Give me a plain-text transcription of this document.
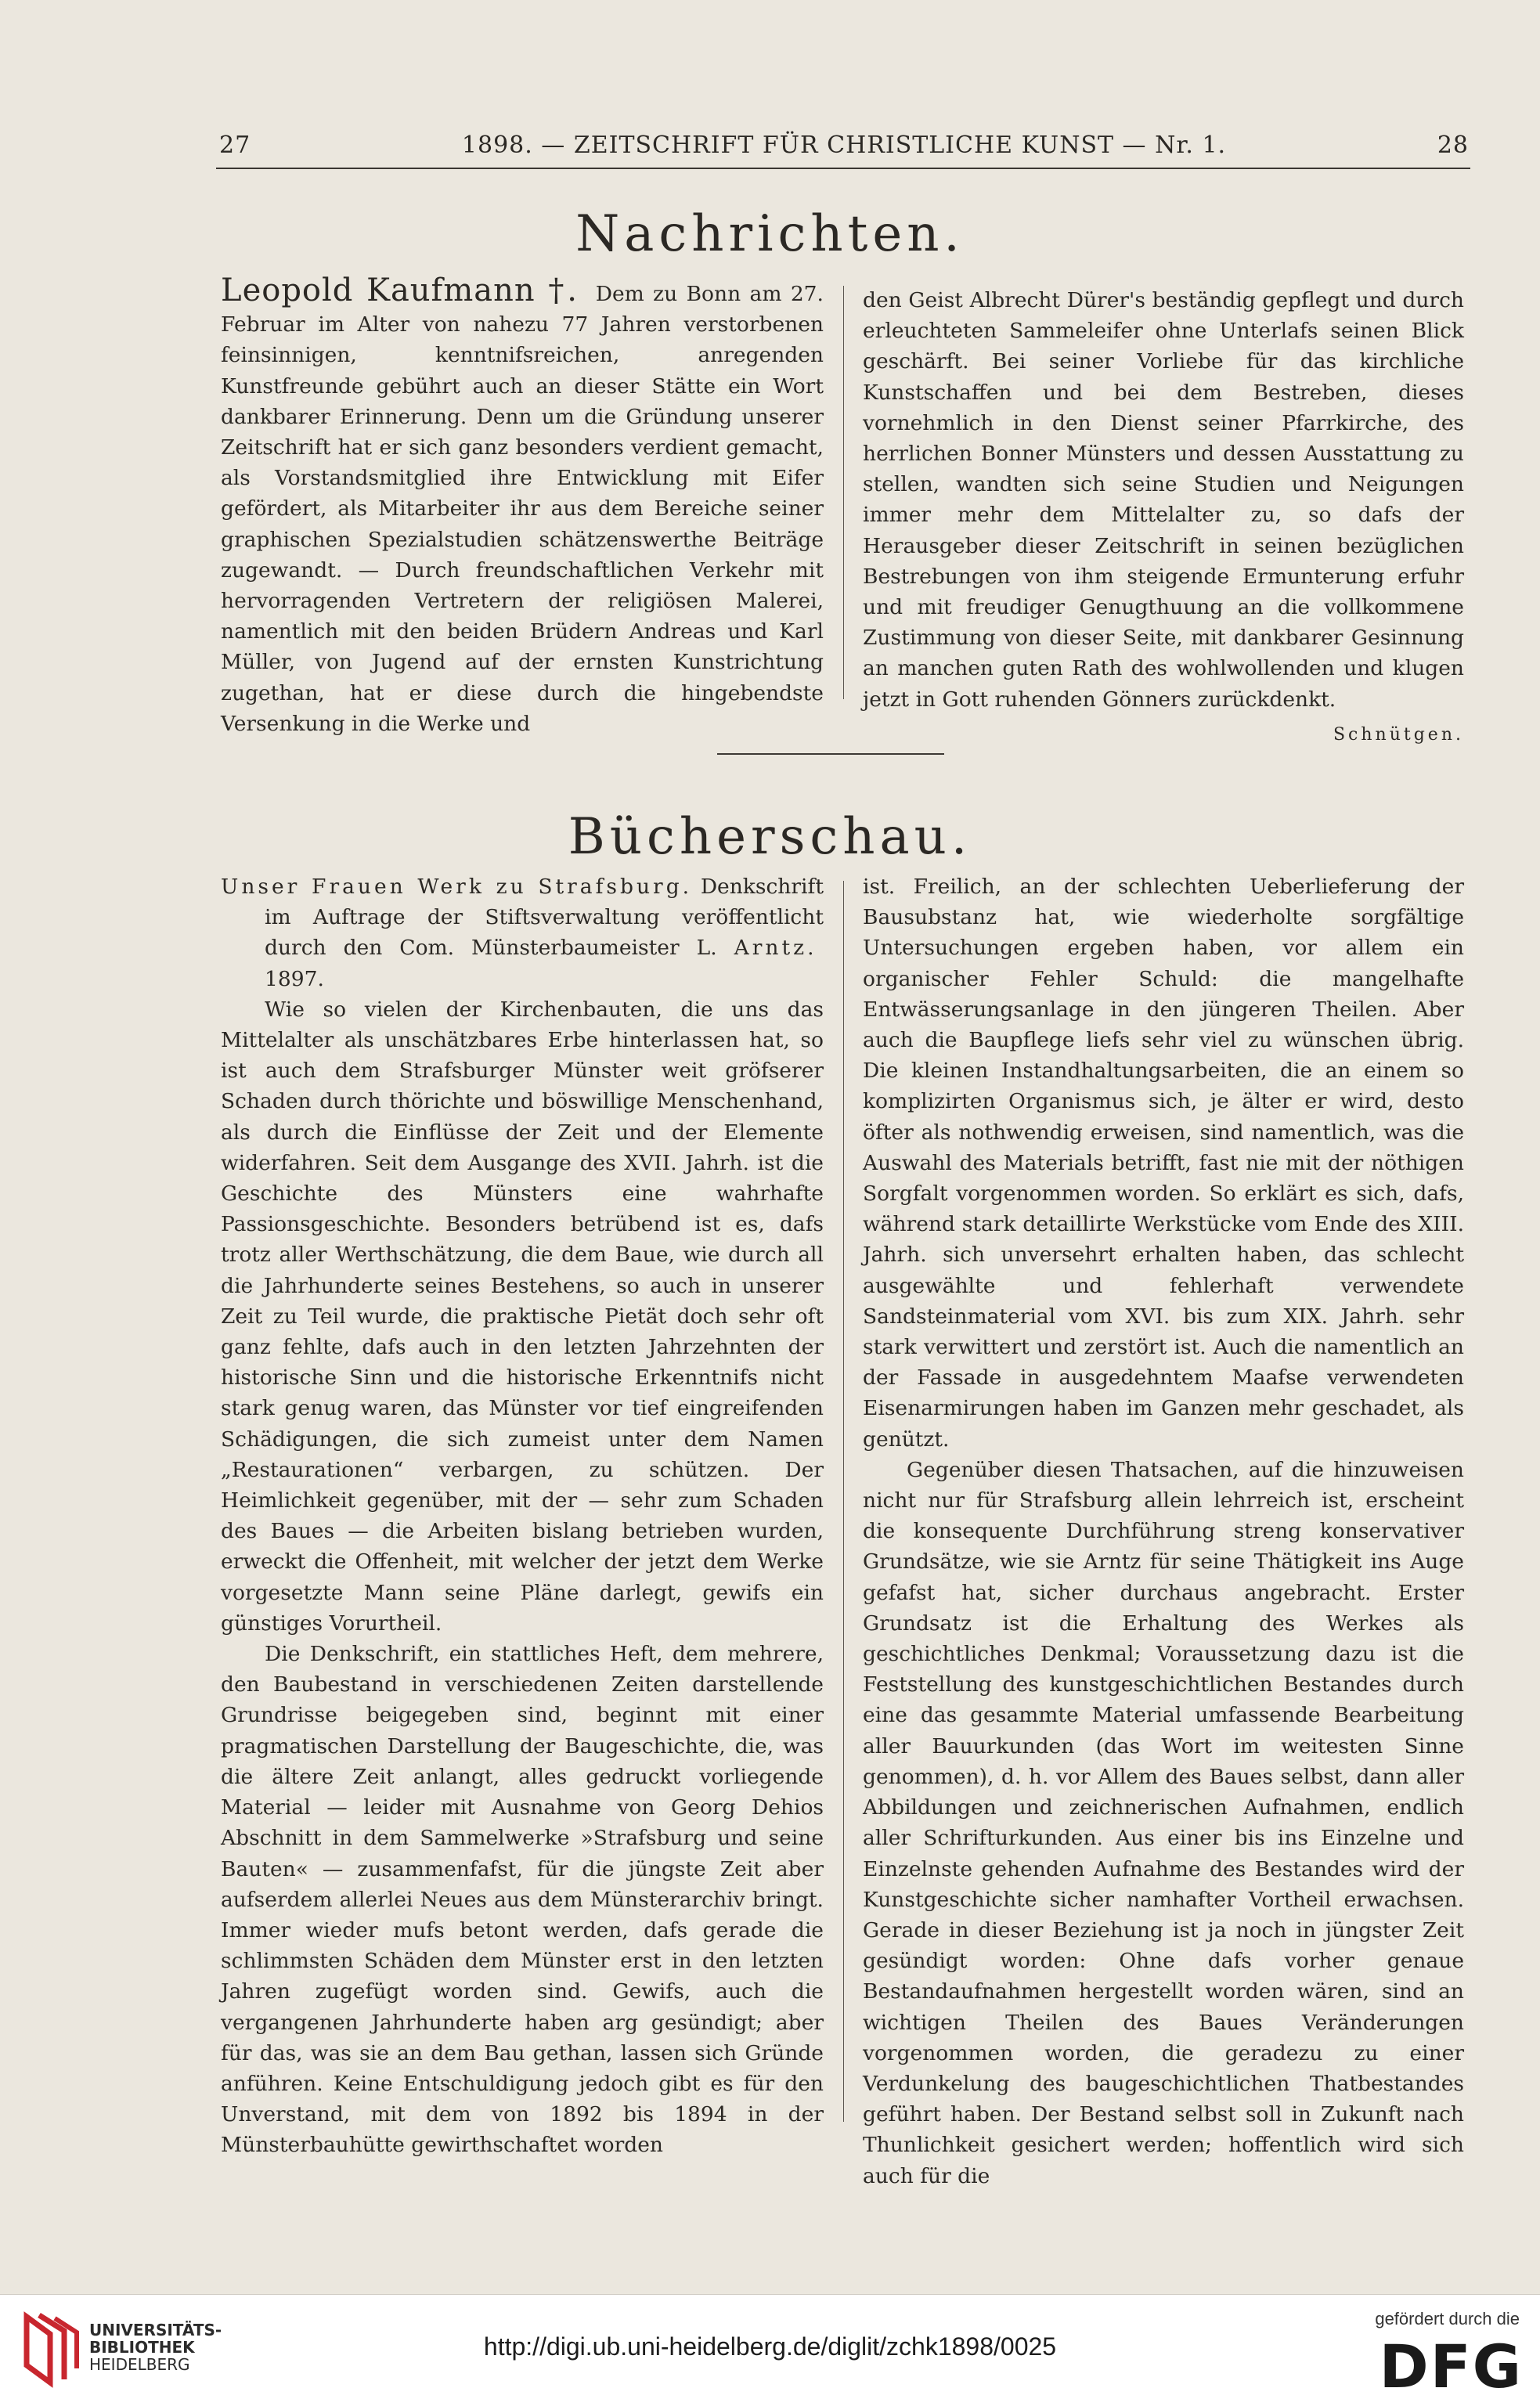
27	1898. — ZEITSCHRIFT FÜR CHRISTLICHE KUNST — Nr. 1.	28
Nachrichten.

Leopold Kaufmann †. Dem zu Bonn am 27. Februar im Alter von nahezu 77 Jahren verstorbenen feinsinnigen, kenntnifsreichen, anregenden Kunstfreunde gebührt auch an dieser Stätte ein Wort dankbarer Erinnerung. Denn um die Gründung unserer Zeitschrift hat er sich ganz besonders verdient gemacht, als Vorstandsmitglied ihre Entwicklung mit Eifer gefördert, als Mitarbeiter ihr aus dem Bereiche seiner graphischen Spezialstudien schätzenswerthe Beiträge zugewandt. — Durch freundschaftlichen Verkehr mit hervorragenden Vertretern der religiösen Malerei, namentlich mit den beiden Brüdern Andreas und Karl Müller, von Jugend auf der ernsten Kunstrichtung zugethan, hat er diese durch die hingebendste Versenkung in die Werke und

den Geist Albrecht Dürer's beständig gepflegt und durch erleuchteten Sammeleifer ohne Unterlafs seinen Blick geschärft. Bei seiner Vorliebe für das kirchliche Kunstschaffen und bei dem Bestreben, dieses vornehmlich in den Dienst seiner Pfarrkirche, des herrlichen Bonner Münsters und dessen Ausstattung zu stellen, wandten sich seine Studien und Neigungen immer mehr dem Mittelalter zu, so dafs der Herausgeber dieser Zeitschrift in seinen bezüglichen Bestrebungen von ihm steigende Ermunterung erfuhr und mit freudiger Genugthuung an die vollkommene Zustimmung von dieser Seite, mit dankbarer Gesinnung an manchen guten Rath des wohlwollenden und klugen jetzt in Gott ruhenden Gönners zurückdenkt.
Schnütgen.

Bücherschau.

Unser Frauen Werk zu Strafsburg. Denkschrift im Auftrage der Stiftsverwaltung veröffentlicht durch den Com. Münsterbaumeister L. Arntz.  1897.

Wie so vielen der Kirchenbauten, die uns das Mittelalter als unschätzbares Erbe hinterlassen hat, so ist auch dem Strafsburger Münster weit gröfserer Schaden durch thörichte und böswillige Menschenhand, als durch die Einflüsse der Zeit und der Elemente widerfahren. Seit dem Ausgange des XVII. Jahrh. ist die Geschichte des Münsters eine wahrhafte Passionsgeschichte. Besonders betrübend ist es, dafs trotz aller Werthschätzung, die dem Baue, wie durch all die Jahrhunderte seines Bestehens, so auch in unserer Zeit zu Teil wurde, die praktische Pietät doch sehr oft ganz fehlte, dafs auch in den letzten Jahrzehnten der historische Sinn und die historische Erkenntnifs nicht stark genug waren, das Münster vor tief eingreifenden Schädigungen, die sich zumeist unter dem Namen „Restaurationen“ verbargen, zu schützen. Der Heimlichkeit gegenüber, mit der — sehr zum Schaden des Baues — die Arbeiten bislang betrieben wurden, erweckt die Offenheit, mit welcher der jetzt dem Werke vorgesetzte Mann seine Pläne darlegt, gewifs ein günstiges Vorurtheil.

Die Denkschrift, ein stattliches Heft, dem mehrere, den Baubestand in verschiedenen Zeiten darstellende Grundrisse beigegeben sind, beginnt mit einer pragmatischen Darstellung der Baugeschichte, die, was die ältere Zeit anlangt, alles gedruckt vorliegende Material — leider mit Ausnahme von Georg Dehios Abschnitt in dem Sammelwerke »Strafsburg und seine Bauten« — zusammenfafst, für die jüngste Zeit aber aufserdem allerlei Neues aus dem Münsterarchiv bringt. Immer wieder mufs betont werden, dafs gerade die schlimmsten Schäden dem Münster erst in den letzten Jahren zugefügt worden sind. Gewifs, auch die vergangenen Jahrhunderte haben arg gesündigt; aber für das, was sie an dem Bau gethan, lassen sich Gründe anführen. Keine Entschuldigung jedoch gibt es für den Unverstand, mit dem von 1892 bis 1894 in der Münsterbauhütte gewirthschaftet worden

ist. Freilich, an der schlechten Ueberlieferung der Bausubstanz hat, wie wiederholte sorgfältige Untersuchungen ergeben haben, vor allem ein organischer Fehler Schuld: die mangelhafte Entwässerungsanlage in den jüngeren Theilen. Aber auch die Baupflege liefs sehr viel zu wünschen übrig. Die kleinen Instandhaltungsarbeiten, die an einem so komplizirten Organismus sich, je älter er wird, desto öfter als nothwendig erweisen, sind namentlich, was die Auswahl des Materials betrifft, fast nie mit der nöthigen Sorgfalt vorgenommen worden. So erklärt es sich, dafs, während stark detaillirte Werkstücke vom Ende des XIII. Jahrh. sich unversehrt erhalten haben, das schlecht ausgewählte und fehlerhaft verwendete Sandsteinmaterial vom XVI. bis zum XIX. Jahrh. sehr stark verwittert und zerstört ist. Auch die namentlich an der Fassade in ausgedehntem Maafse verwendeten Eisenarmirungen haben im Ganzen mehr geschadet, als genützt.

Gegenüber diesen Thatsachen, auf die hinzuweisen nicht nur für Strafsburg allein lehrreich ist, erscheint die konsequente Durchführung streng konservativer Grundsätze, wie sie Arntz für seine Thätigkeit ins Auge gefafst hat, sicher durchaus angebracht. Erster Grundsatz ist die Erhaltung des Werkes als geschichtliches Denkmal; Voraussetzung dazu ist die Feststellung des kunstgeschichtlichen Bestandes durch eine das gesammte Material umfassende Bearbeitung aller Bauurkunden (das Wort im weitesten Sinne genommen), d. h. vor Allem des Baues selbst, dann aller Abbildungen und zeichnerischen Aufnahmen, endlich aller Schrifturkunden. Aus einer bis ins Einzelne und Einzelnste gehenden Aufnahme des Bestandes wird der Kunstgeschichte sicher namhafter Vortheil erwachsen. Gerade in dieser Beziehung ist ja noch in jüngster Zeit gesündigt worden: Ohne dafs vorher genaue Bestandaufnahmen hergestellt worden wären, sind an wichtigen Theilen des Baues Veränderungen vorgenommen worden, die geradezu zu einer Verdunkelung des baugeschichtlichen Thatbestandes geführt haben. Der Bestand selbst soll in Zukunft nach Thunlichkeit gesichert werden; hoffentlich wird sich auch für die

UNIVERSITÄTS-
BIBLIOTHEK
HEIDELBERG
http://digi.ub.uni-heidelberg.de/diglit/zchk1898/0025
gefördert durch die
DFG
